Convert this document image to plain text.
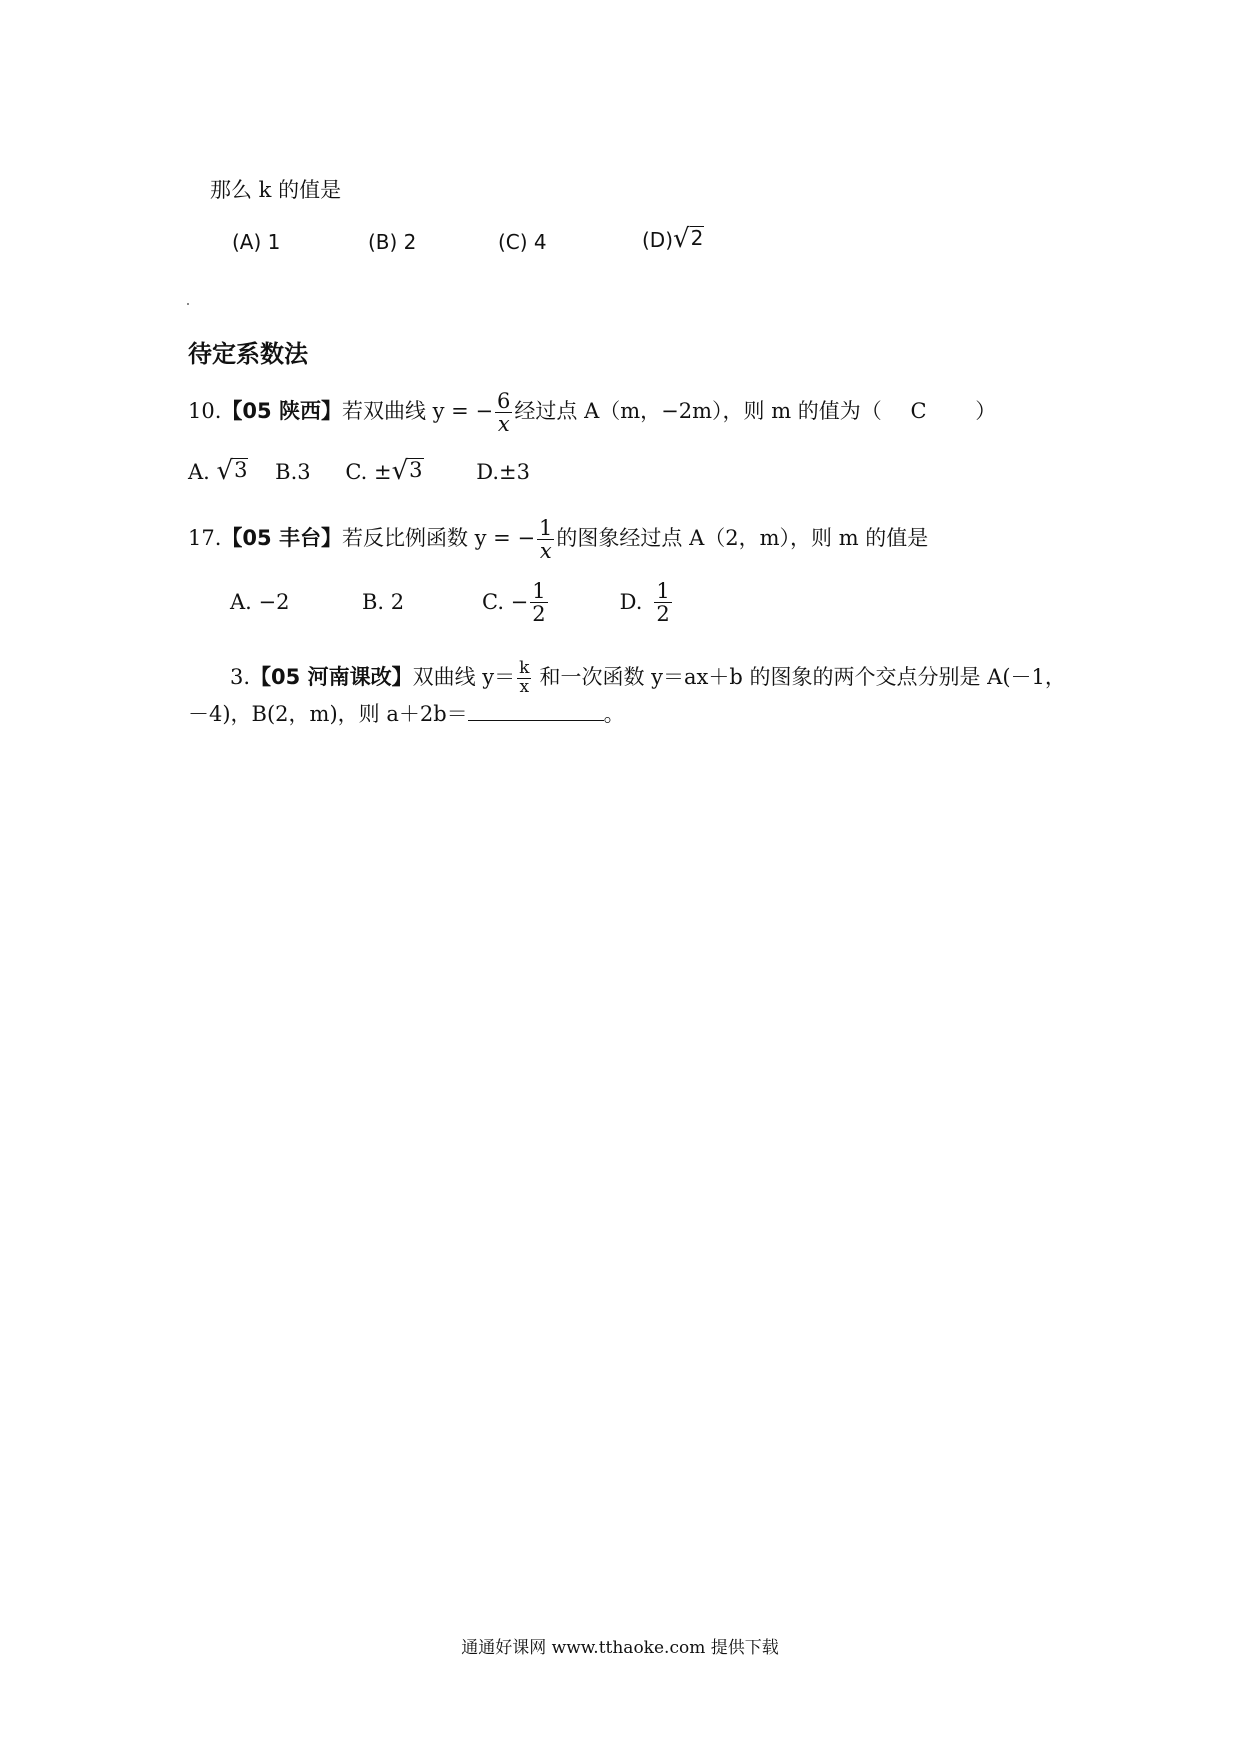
那么 k 的值是
(A) 1	(B) 2	(C) 4	(D) √ 2
待定系数法
10.【05 陕西】若双曲线 y = − $\frac{6}{x}$ 经过点 A（m，−2m），则 m 的值为（ C ）
A. √ 3 B.3 C. ± √ 3	D.±3
17.【05 丰台】若反比例函数 y = − $\frac{1}{x}$ 的图象经过点 A（2，m），则 m 的值是
A. −2	B. 2	C. − $\frac{1}{2}$	D. $\frac{1}{2}$
3.【05 河南课改】双曲线 $y= \frac{k}{x}$ 和一次函数 y＝ax＋b 的图象的两个交点分别是 A(－1，
－4)，B(2，m)，则 a＋2b＝	。
通通好课网 www.tthaoke.com 提供下载
